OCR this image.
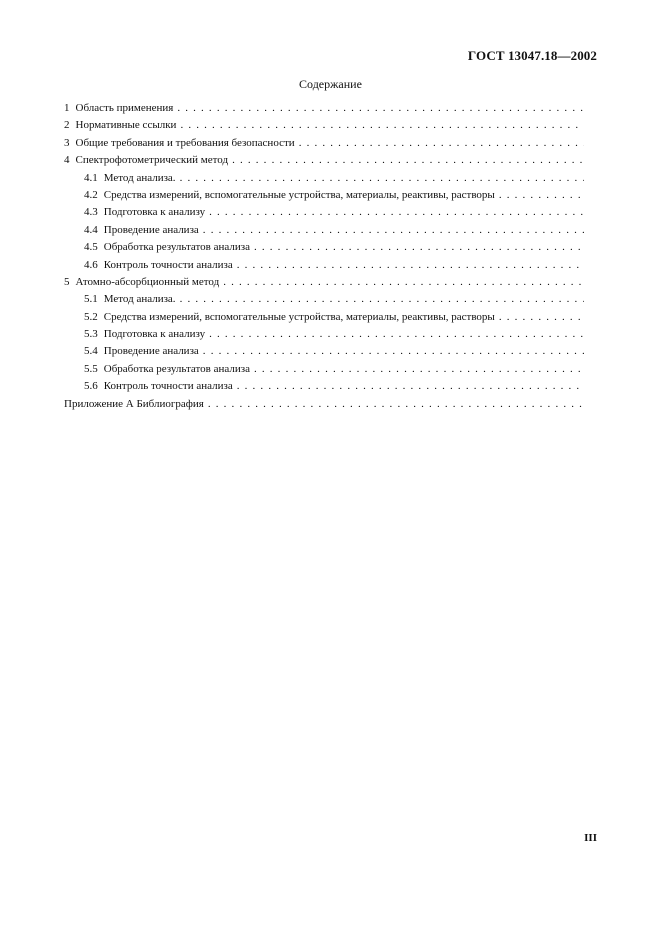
ГОСТ 13047.18—2002
Содержание
1 Область применения
. . .
2 Нормативные ссылки
. . .
3 Общие требования и требования безопасности
. . .
4 Спектрофотометрический метод
. . .
4.1 Метод анализа.
. . .
4.2 Средства измерений, вспомогательные устройства, материалы, реактивы, растворы
. . .
4.3 Подготовка к анализу
. . .
4.4 Проведение анализа
. . .
4.5 Обработка результатов анализа
. . .
4.6 Контроль точности анализа
. . .
5 Атомно-абсорбционный метод
. . .
5.1 Метод анализа.
. . .
5.2 Средства измерений, вспомогательные устройства, материалы, реактивы, растворы
. . .
5.3 Подготовка к анализу
. . .
5.4 Проведение анализа
. . .
5.5 Обработка результатов анализа
. . .
5.6 Контроль точности анализа
. . .
Приложение А Библиография
. . .
III
